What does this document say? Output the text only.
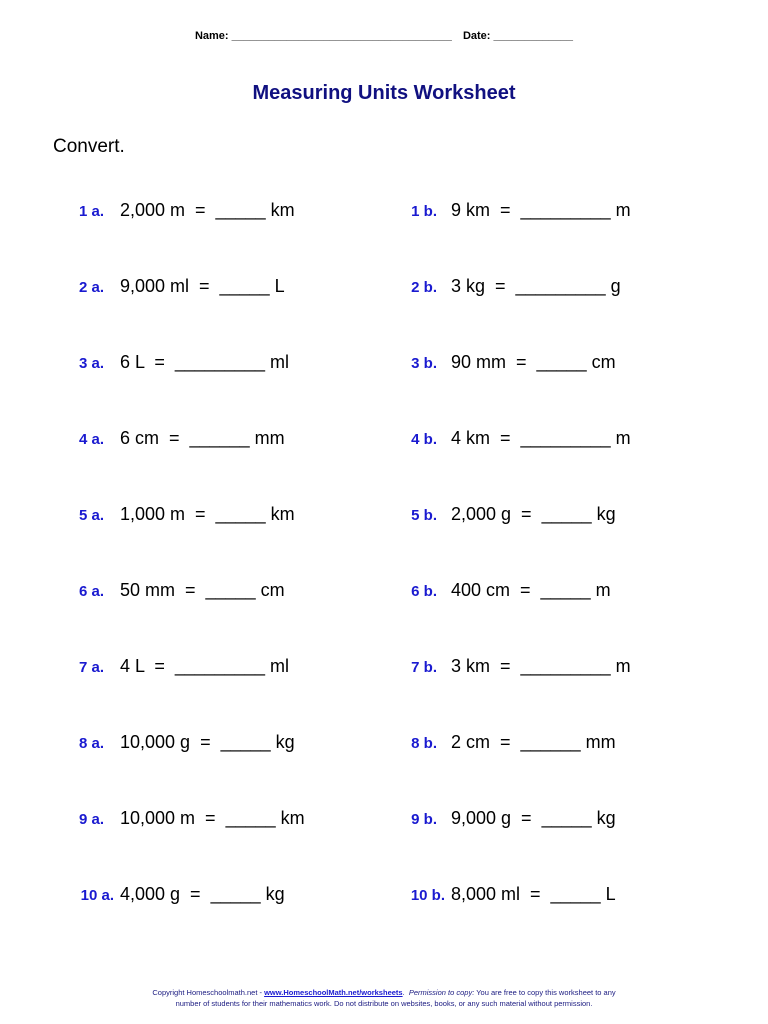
Name: ____________________________________ Date: _____________
Measuring Units Worksheet
Convert.
1 a. 2,000 m  =  _____ km	1 b. 9 km  =  _________ m
2 a. 9,000 ml  =  _____ L	2 b. 3 kg  =  _________ g
3 a. 6 L  =  _________ ml	3 b. 90 mm  =  _____ cm
4 a. 6 cm  =  ______ mm	4 b. 4 km  =  _________ m
5 a. 1,000 m  =  _____ km	5 b. 2,000 g  =  _____ kg
6 a. 50 mm  =  _____ cm	6 b. 400 cm  =  _____ m
7 a. 4 L  =  _________ ml	7 b. 3 km  =  _________ m
8 a. 10,000 g  =  _____ kg	8 b. 2 cm  =  ______ mm
9 a. 10,000 m  =  _____ km	9 b. 9,000 g  =  _____ kg
10 a. 4,000 g  =  _____ kg	10 b. 8,000 ml  =  _____ L
Copyright Homeschoolmath.net - www.HomeschoolMath.net/worksheets.  Permission to copy: You are free to copy this worksheet to any
number of students for their mathematics work. Do not distribute on websites, books, or any such material without permission.
